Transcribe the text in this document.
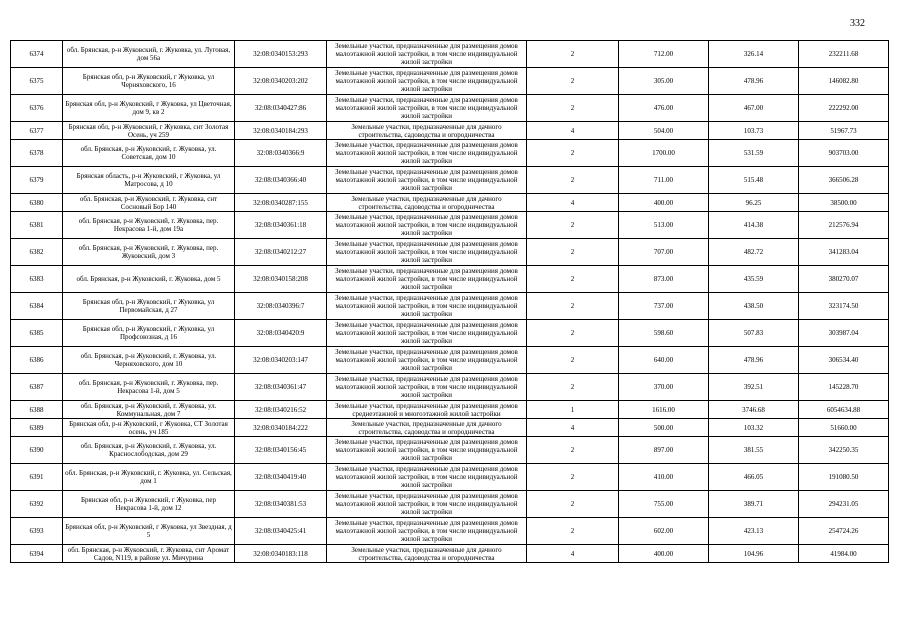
332
6374	обл. Брянская, р-н Жуковский, г. Жуковка, ул. Луговая, дом 56а	32:08:0340153:293	Земельные участки, предназначенные для размещения домов малоэтажной жилой застройки, в том числе индивидуальной жилой застройки	2	712.00	326.14	232211.68
6375	Брянская обл, р-н Жуковский, г Жуковка, ул Черняховского, 16	32:08:0340203:202	Земельные участки, предназначенные для размещения домов малоэтажной жилой застройки, в том числе индивидуальной жилой застройки	2	305.00	478.96	146082.80
6376	Брянская обл, р-н Жуковский, г Жуковка, ул Цветочная, дом 9, кв 2	32:08:0340427:86	Земельные участки, предназначенные для размещения домов малоэтажной жилой застройки, в том числе индивидуальной жилой застройки	2	476.00	467.00	222292.00
6377	Брянская обл, р-н Жуковский, г Жуковка, снт Золотая Осень, уч 259	32:08:0340184:293	Земельные участки, предназначенные для дачного строительства, садоводства и огородничества	4	504.00	103.73	51967.73
6378	обл. Брянская, р-н Жуковский, г. Жуковка, ул. Советская, дом 10	32:08:0340366:9	Земельные участки, предназначенные для размещения домов малоэтажной жилой застройки, в том числе индивидуальной жилой застройки	2	1700.00	531.59	903703.00
6379	Брянская область, р-н Жуковский, г Жуковка, ул Матросова, д 10	32:08:0340366:40	Земельные участки, предназначенные для размещения домов малоэтажной жилой застройки, в том числе индивидуальной жилой застройки	2	711.00	515.48	366506.28
6380	обл. Брянская, р-н Жуковский, г. Жуковка, снт Сосновый Бор 140	32:08:0340287:155	Земельные участки, предназначенные для дачного строительства, садоводства и огородничества	4	400.00	96.25	38500.00
6381	обл. Брянская, р-н Жуковский, г. Жуковка, пер. Некрасова 1-й, дом 19а	32:08:0340361:18	Земельные участки, предназначенные для размещения домов малоэтажной жилой застройки, в том числе индивидуальной жилой застройки	2	513.00	414.38	212576.94
6382	обл. Брянская, р-н Жуковский, г. Жуковка, пер. Жуковский, дом 3	32:08:0340212:27	Земельные участки, предназначенные для размещения домов малоэтажной жилой застройки, в том числе индивидуальной жилой застройки	2	707.00	482.72	341283.04
6383	обл. Брянская, р-н Жуковский, г. Жуковка, дом 5	32:08:0340158:208	Земельные участки, предназначенные для размещения домов малоэтажной жилой застройки, в том числе индивидуальной жилой застройки	2	873.00	435.59	380270.07
6384	Брянская обл, р-н Жуковский, г Жуковка, ул Первомайская, д 27	32:08:0340396:7	Земельные участки, предназначенные для размещения домов малоэтажной жилой застройки, в том числе индивидуальной жилой застройки	2	737.00	438.50	323174.50
6385	Брянская обл, р-н Жуковский, г Жуковка, ул Профсоюзная, д 16	32:08:0340420:9	Земельные участки, предназначенные для размещения домов малоэтажной жилой застройки, в том числе индивидуальной жилой застройки	2	598.60	507.83	303987.04
6386	обл. Брянская, р-н Жуковский, г. Жуковка, ул. Черняховского, дом 10	32:08:0340203:147	Земельные участки, предназначенные для размещения домов малоэтажной жилой застройки, в том числе индивидуальной жилой застройки	2	640.00	478.96	306534.40
6387	обл. Брянская, р-н Жуковский, г. Жуковка, пер. Некрасова 1-й, дом 5	32:08:0340361:47	Земельные участки, предназначенные для размещения домов малоэтажной жилой застройки, в том числе индивидуальной жилой застройки	2	370.00	392.51	145228.70
6388	обл. Брянская, р-н Жуковский, г. Жуковка, ул. Коммунальная, дом 7	32:08:0340216:52	Земельные участки, предназначенные для размещения домов среднеэтажной и многоэтажной жилой застройки	1	1616.00	3746.68	6054634.88
6389	Брянская обл, р-н Жуковский, г Жуковка, СТ Золотая осень, уч 185	32:08:0340184:222	Земельные участки, предназначенные для дачного строительства, садоводства и огородничества	4	500.00	103.32	51660.00
6390	обл. Брянская, р-н Жуковский, г. Жуковка, ул. Краснослободская, дом 29	32:08:0340156:45	Земельные участки, предназначенные для размещения домов малоэтажной жилой застройки, в том числе индивидуальной жилой застройки	2	897.00	381.55	342250.35
6391	обл. Брянская, р-н Жуковский, г. Жуковка, ул. Сельская, дом 1	32:08:0340419:40	Земельные участки, предназначенные для размещения домов малоэтажной жилой застройки, в том числе индивидуальной жилой застройки	2	410.00	466.05	191080.50
6392	Брянская обл, р-н Жуковский, г Жуковка, пер Некрасова 1-й, дом 12	32:08:0340381:53	Земельные участки, предназначенные для размещения домов малоэтажной жилой застройки, в том числе индивидуальной жилой застройки	2	755.00	389.71	294231.05
6393	Брянская обл, р-н Жуковский, г Жуковка, ул Звездная, д 5	32:08:0340425:41	Земельные участки, предназначенные для размещения домов малоэтажной жилой застройки, в том числе индивидуальной жилой застройки	2	602.00	423.13	254724.26
6394	обл. Брянская, р-н Жуковский, г. Жуковка, снт Аромат Садов, N119, в районе ул. Мичурина	32:08:0340183:118	Земельные участки, предназначенные для дачного строительства, садоводства и огородничества	4	400.00	104.96	41984.00
